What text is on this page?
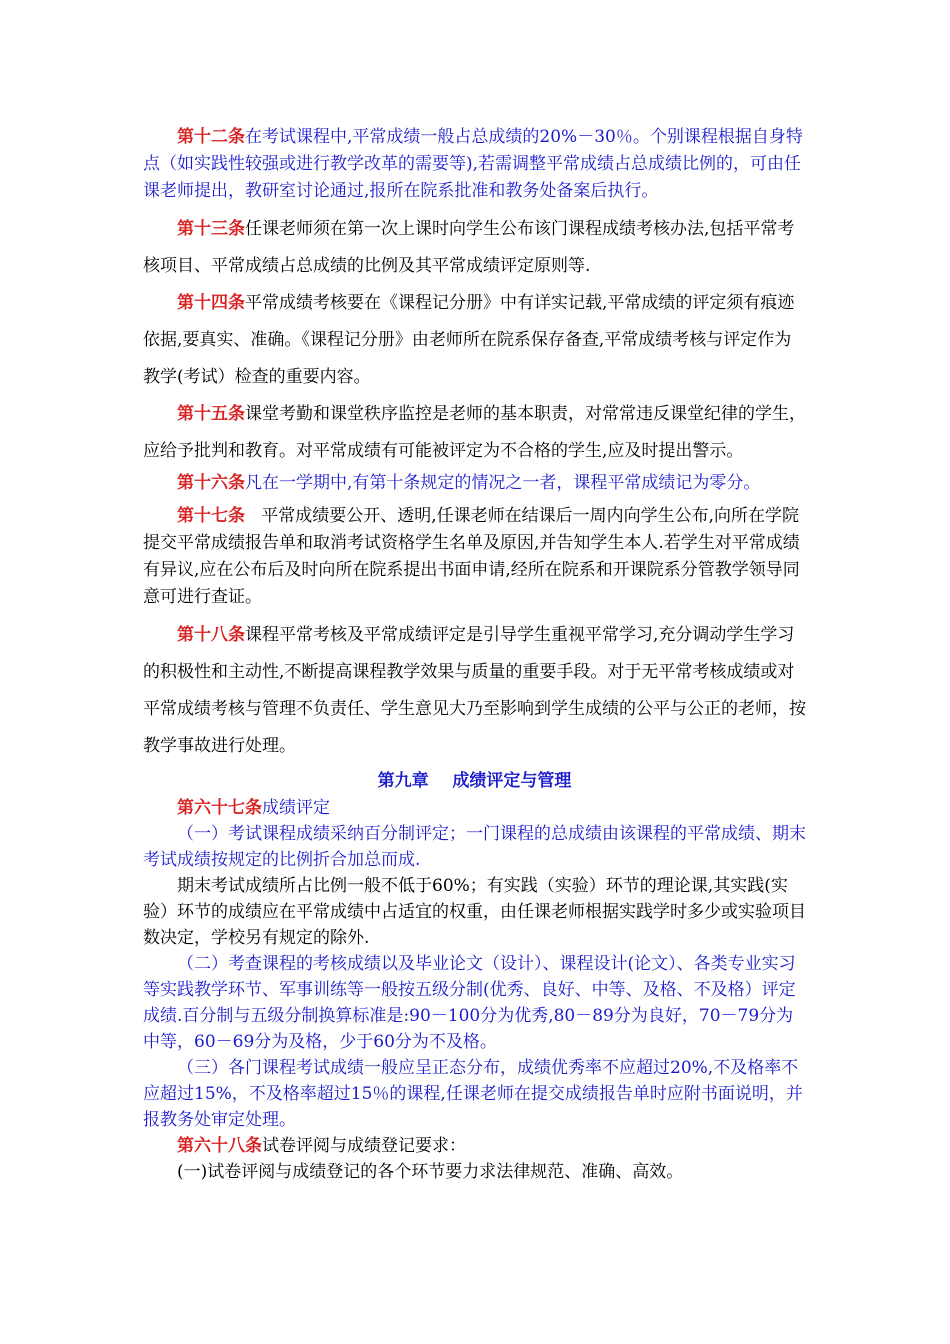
第十二条在考试课程中,平常成绩一般占总成绩的20%－30％。个别课程根据自身特点（如实践性较强或进行教学改革的需要等),若需调整平常成绩占总成绩比例的，可由任课老师提出，教研室讨论通过,报所在院系批准和教务处备案后执行。

第十三条任课老师须在第一次上课时向学生公布该门课程成绩考核办法,包括平常考核项目、平常成绩占总成绩的比例及其平常成绩评定原则等.

第十四条平常成绩考核要在《课程记分册》中有详实记载,平常成绩的评定须有痕迹依据,要真实、准确。《课程记分册》由老师所在院系保存备查,平常成绩考核与评定作为教学(考试）检查的重要内容。

第十五条课堂考勤和课堂秩序监控是老师的基本职责，对常常违反课堂纪律的学生，应给予批判和教育。对平常成绩有可能被评定为不合格的学生,应及时提出警示。

第十六条凡在一学期中,有第十条规定的情况之一者，课程平常成绩记为零分。

第十七条 平常成绩要公开、透明,任课老师在结课后一周内向学生公布,向所在学院提交平常成绩报告单和取消考试资格学生名单及原因,并告知学生本人.若学生对平常成绩有异议,应在公布后及时向所在院系提出书面申请,经所在院系和开课院系分管教学领导同意可进行查证。

第十八条课程平常考核及平常成绩评定是引导学生重视平常学习,充分调动学生学习的积极性和主动性,不断提高课程教学效果与质量的重要手段。对于无平常考核成绩或对平常成绩考核与管理不负责任、学生意见大乃至影响到学生成绩的公平与公正的老师，按教学事故进行处理。

第九章    成绩评定与管理

第六十七条成绩评定

（一）考试课程成绩采纳百分制评定；一门课程的总成绩由该课程的平常成绩、期末考试成绩按规定的比例折合加总而成.

期末考试成绩所占比例一般不低于60%；有实践（实验）环节的理论课,其实践(实验）环节的成绩应在平常成绩中占适宜的权重，由任课老师根据实践学时多少或实验项目数决定，学校另有规定的除外.

（二）考查课程的考核成绩以及毕业论文（设计）、课程设计(论文）、各类专业实习等实践教学环节、军事训练等一般按五级分制(优秀、良好、中等、及格、不及格）评定成绩.百分制与五级分制换算标准是:90－100分为优秀,80－89分为良好，70－79分为中等，60－69分为及格，少于60分为不及格。

（三）各门课程考试成绩一般应呈正态分布，成绩优秀率不应超过20%,不及格率不应超过15%，不及格率超过15％的课程,任课老师在提交成绩报告单时应附书面说明，并报教务处审定处理。

第六十八条试卷评阅与成绩登记要求：

(一)试卷评阅与成绩登记的各个环节要力求法律规范、准确、高效。
